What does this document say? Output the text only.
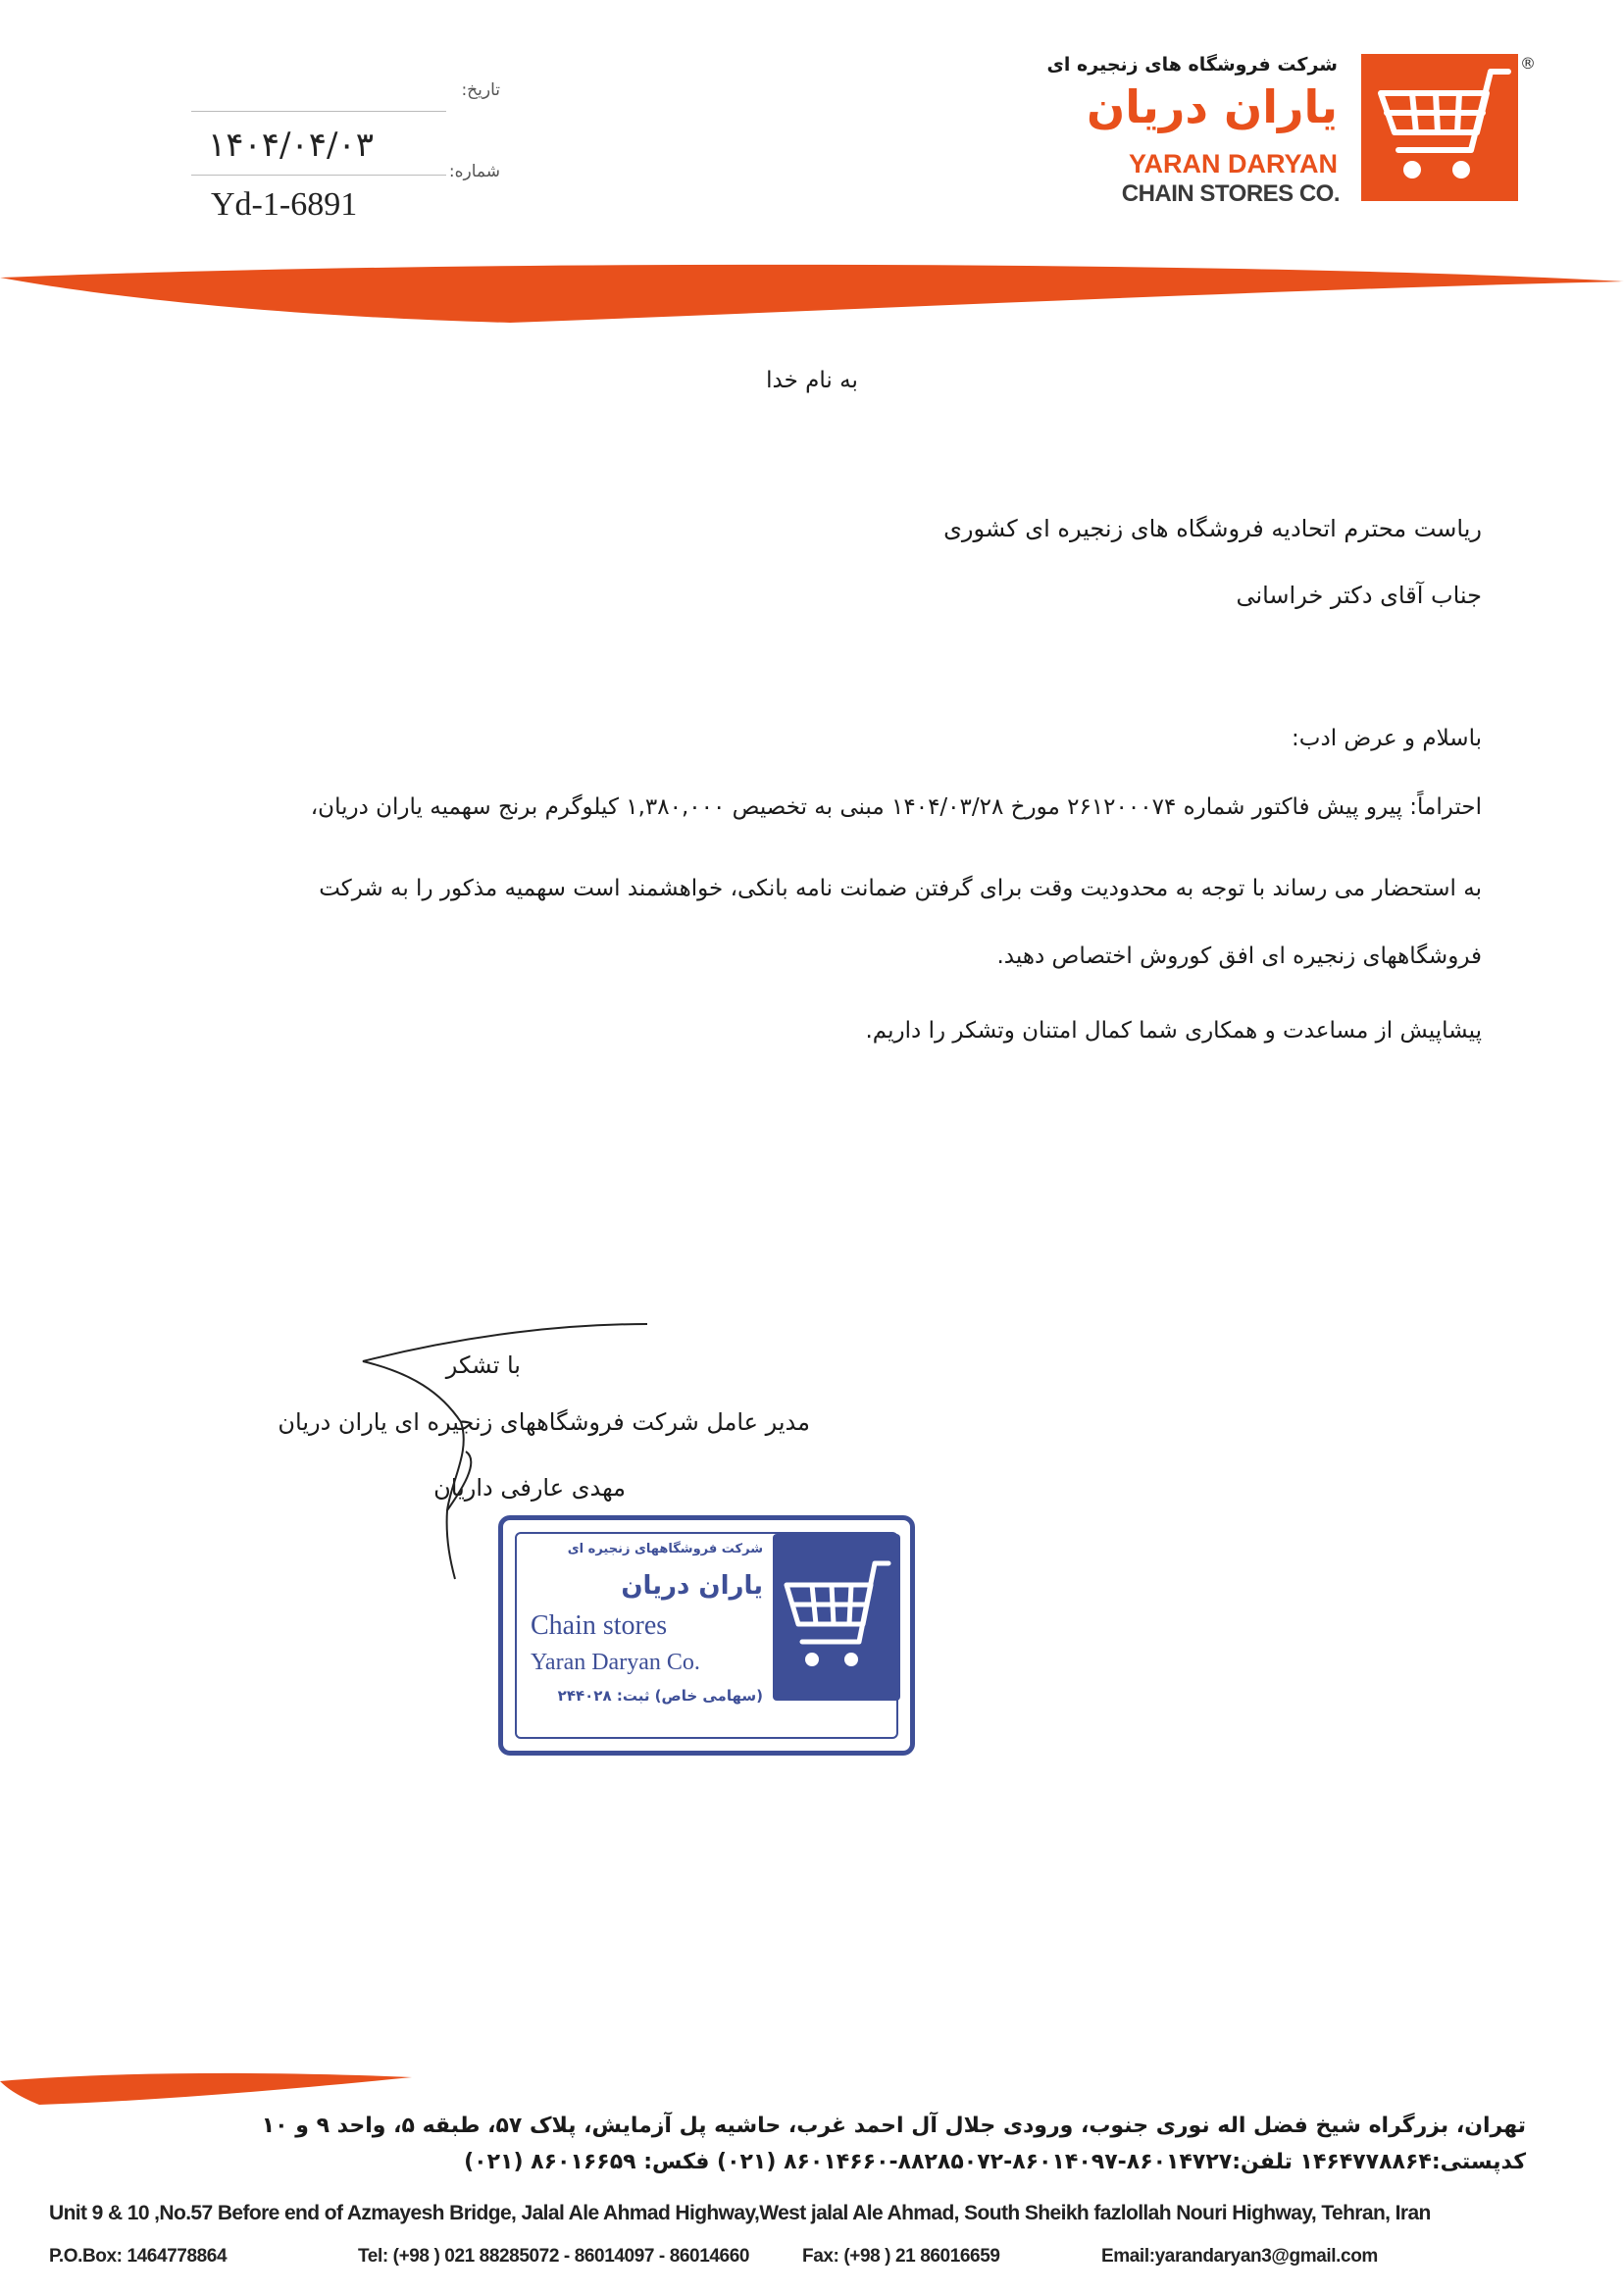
®
شرکت فروشگاه های زنجیره ای
یاران دریان
YARAN DARYAN
CHAIN STORES CO.
تاریخ:
۱۴۰۴/۰۴/۰۳
شماره:
Yd-1-6891
به نام خدا
ریاست محترم اتحادیه فروشگاه های زنجیره ای کشوری
جناب آقای دکتر خراسانی
باسلام و عرض ادب:
احتراماً: پیرو پیش فاکتور شماره ۲۶۱۲۰۰۰۷۴ مورخ ۱۴۰۴/۰۳/۲۸ مبنی به تخصیص ۱,۳۸۰,۰۰۰ کیلوگرم برنج سهمیه یاران دریان،
به استحضار می رساند با توجه به محدودیت وقت برای گرفتن ضمانت نامه بانکی، خواهشمند است سهمیه مذکور را به شرکت
فروشگاههای زنجیره ای افق کوروش اختصاص دهید.
پیشاپیش از مساعدت و همکاری شما کمال امتنان وتشکر را داریم.
با تشکر
مدیر عامل شرکت فروشگاههای زنجیره ای یاران دریان
مهدی عارفی داریان
شرکت فروشگاههای زنجیره ای
یاران دریان
Chain stores
Yaran Daryan Co.
(سهامی خاص) ثبت: ۲۴۴۰۲۸
تهران، بزرگراه شیخ فضل اله نوری جنوب، ورودی جلال آل احمد غرب، حاشیه پل آزمایش، پلاک ۵۷، طبقه ۵، واحد ۹ و ۱۰
کدپستی:۱۴۶۴۷۷۸۸۶۴ تلفن:۸۶۰۱۴۷۲۷-۸۶۰۱۴۰۹۷-۸۸۲۸۵۰۷۲-۸۶۰۱۴۶۶۰ (۰۲۱) فکس: ۸۶۰۱۶۶۵۹ (۰۲۱)
Unit 9 & 10 ,No.57 Before end of Azmayesh Bridge, Jalal Ale Ahmad Highway,West jalal Ale Ahmad, South Sheikh fazlollah Nouri Highway, Tehran, Iran
P.O.Box: 1464778864	Tel: (+98 ) 021 88285072 - 86014097 - 86014660	Fax: (+98 ) 21 86016659	Email:yarandaryan3@gmail.com
